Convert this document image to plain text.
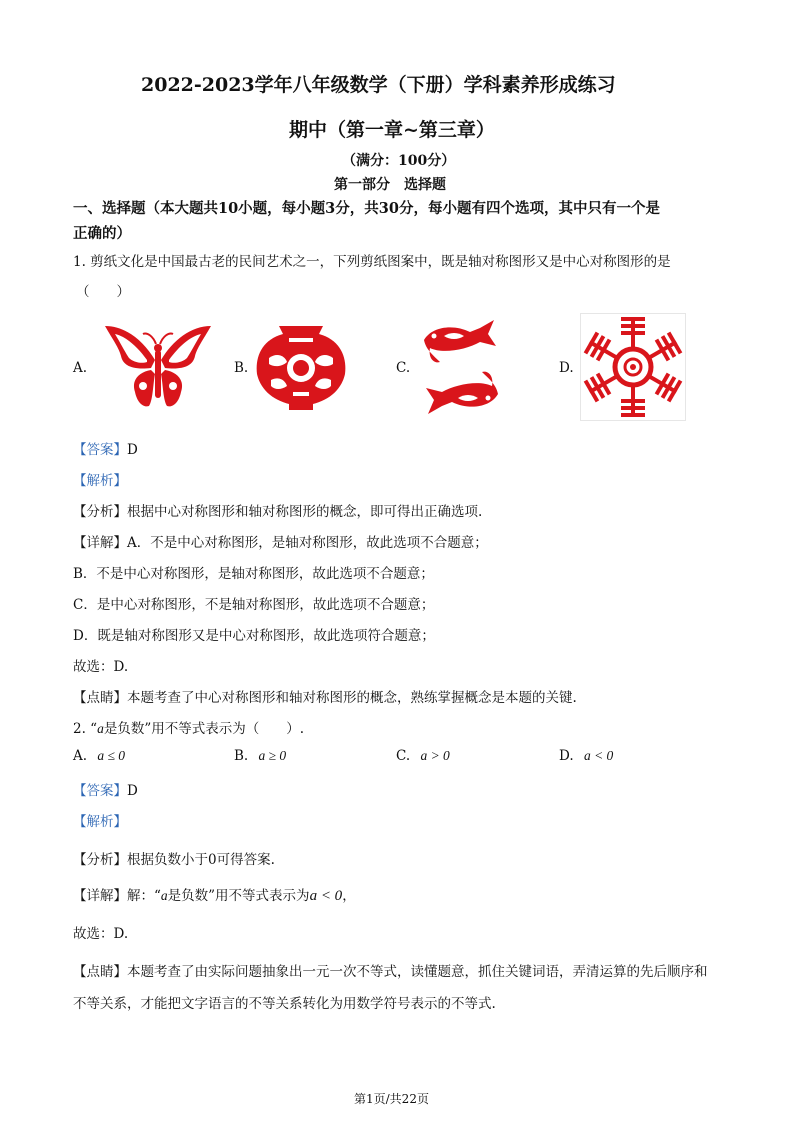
2022-2023学年八年级数学（下册）学科素养形成练习
期中（第一章~第三章）
（满分：100分）
第一部分　选择题
一、选择题（本大题共10小题，每小题3分，共30分，每小题有四个选项，其中只有一个是
正确的）
1. 剪纸文化是中国最古老的民间艺术之一，下列剪纸图案中，既是轴对称图形又是中心对称图形的是
（　　）
A.	B.	C.	D.
【答案】D
【解析】
【分析】根据中心对称图形和轴对称图形的概念，即可得出正确选项.
【详解】A．不是中心对称图形，是轴对称图形，故此选项不合题意；
B．不是中心对称图形，是轴对称图形，故此选项不合题意；
C．是中心对称图形，不是轴对称图形，故此选项不合题意；
D．既是轴对称图形又是中心对称图形，故此选项符合题意；
故选：D.
【点睛】本题考查了中心对称图形和轴对称图形的概念，熟练掌握概念是本题的关键.
2. “a是负数”用不等式表示为（　　）.
A. a ≤ 0	B. a ≥ 0	C. a > 0	D. a < 0
【答案】D
【解析】
【分析】根据负数小于0可得答案.
【详解】解：“a是负数”用不等式表示为a < 0，
故选：D.
【点睛】本题考查了由实际问题抽象出一元一次不等式，读懂题意，抓住关键词语，弄清运算的先后顺序和
不等关系，才能把文字语言的不等关系转化为用数学符号表示的不等式.
第1页/共22页
